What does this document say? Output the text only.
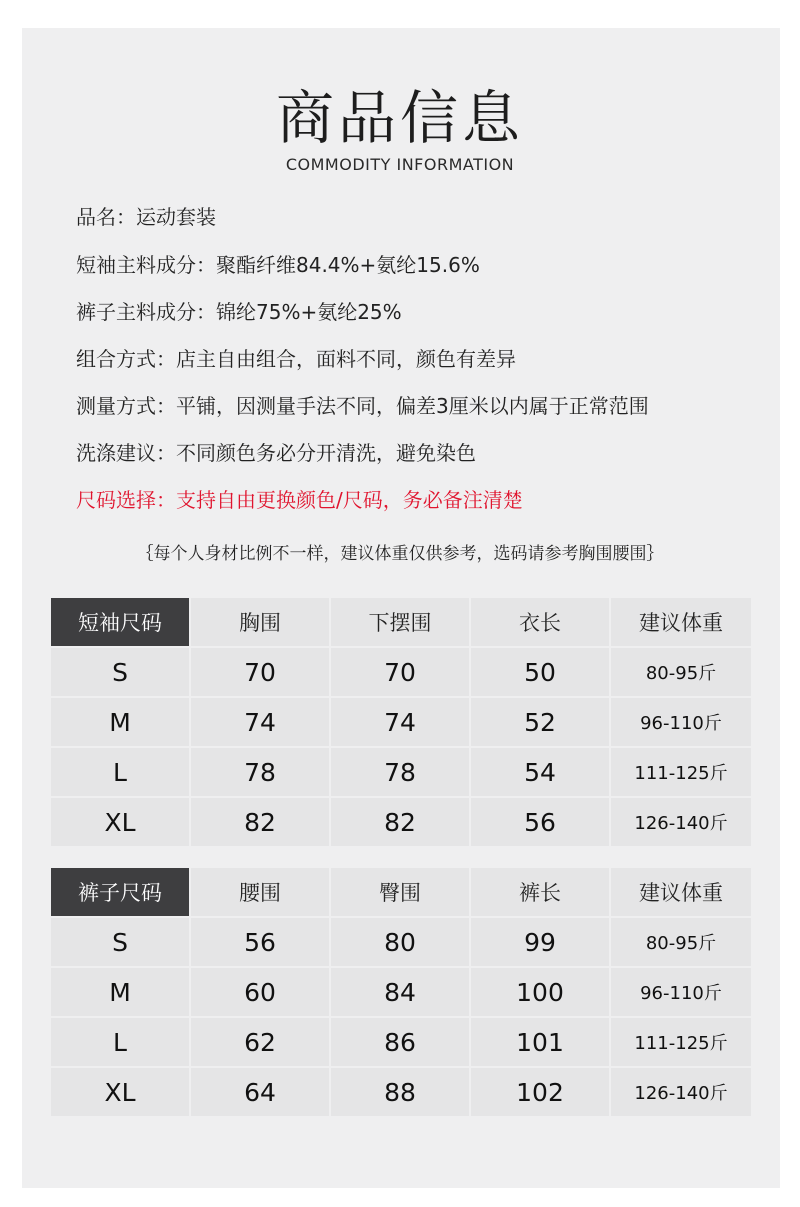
商品信息
COMMODITY INFORMATION
品名：运动套装
短袖主料成分：聚酯纤维84.4%+氨纶15.6%
裤子主料成分：锦纶75%+氨纶25%
组合方式：店主自由组合，面料不同，颜色有差异
测量方式：平铺，因测量手法不同，偏差3厘米以内属于正常范围
洗涤建议：不同颜色务必分开清洗，避免染色
尺码选择：支持自由更换颜色/尺码，务必备注清楚
｛每个人身材比例不一样，建议体重仅供参考，选码请参考胸围腰围｝
短袖尺码	胸围	下摆围	衣长	建议体重
S	70	70	50	80-95斤
M	74	74	52	96-110斤
L	78	78	54	111-125斤
XL	82	82	56	126-140斤
裤子尺码	腰围	臀围	裤长	建议体重
S	56	80	99	80-95斤
M	60	84	100	96-110斤
L	62	86	101	111-125斤
XL	64	88	102	126-140斤
